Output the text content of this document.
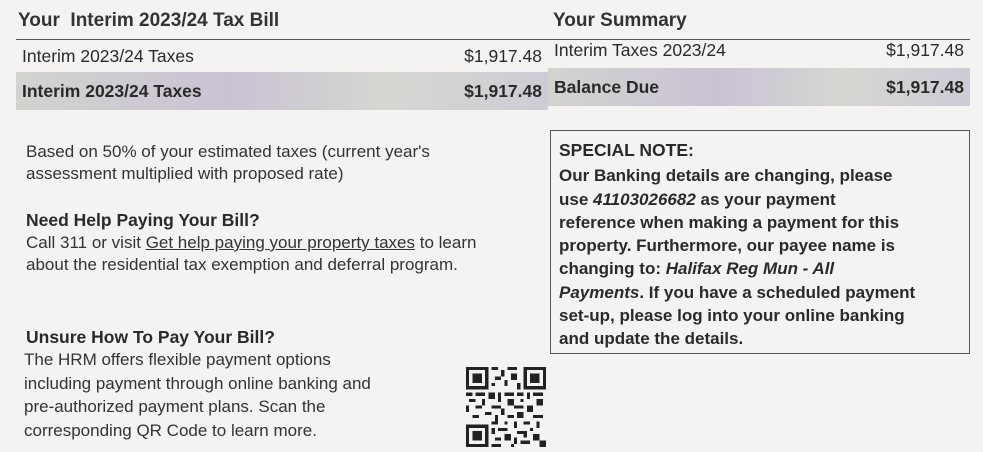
Your  Interim 2023/24 Tax Bill
Interim 2023/24 Taxes	$1,917.48
Interim 2023/24 Taxes	$1,917.48
Your Summary
Interim Taxes 2023/24	$1,917.48
Balance Due	$1,917.48
Based on 50% of your estimated taxes (current year's
assessment multiplied with proposed rate)
Need Help Paying Your Bill?
Call 311 or visit Get help paying your property taxes to learn
about the residential tax exemption and deferral program.
Unsure How To Pay Your Bill?
The HRM offers flexible payment options
including payment through online banking and
pre-authorized payment plans. Scan the
corresponding QR Code to learn more.
SPECIAL NOTE:
Our Banking details are changing, please
use 41103026682 as your payment
reference when making a payment for this
property. Furthermore, our payee name is
changing to: Halifax Reg Mun - All
Payments. If you have a scheduled payment
set-up, please log into your online banking
and update the details.
